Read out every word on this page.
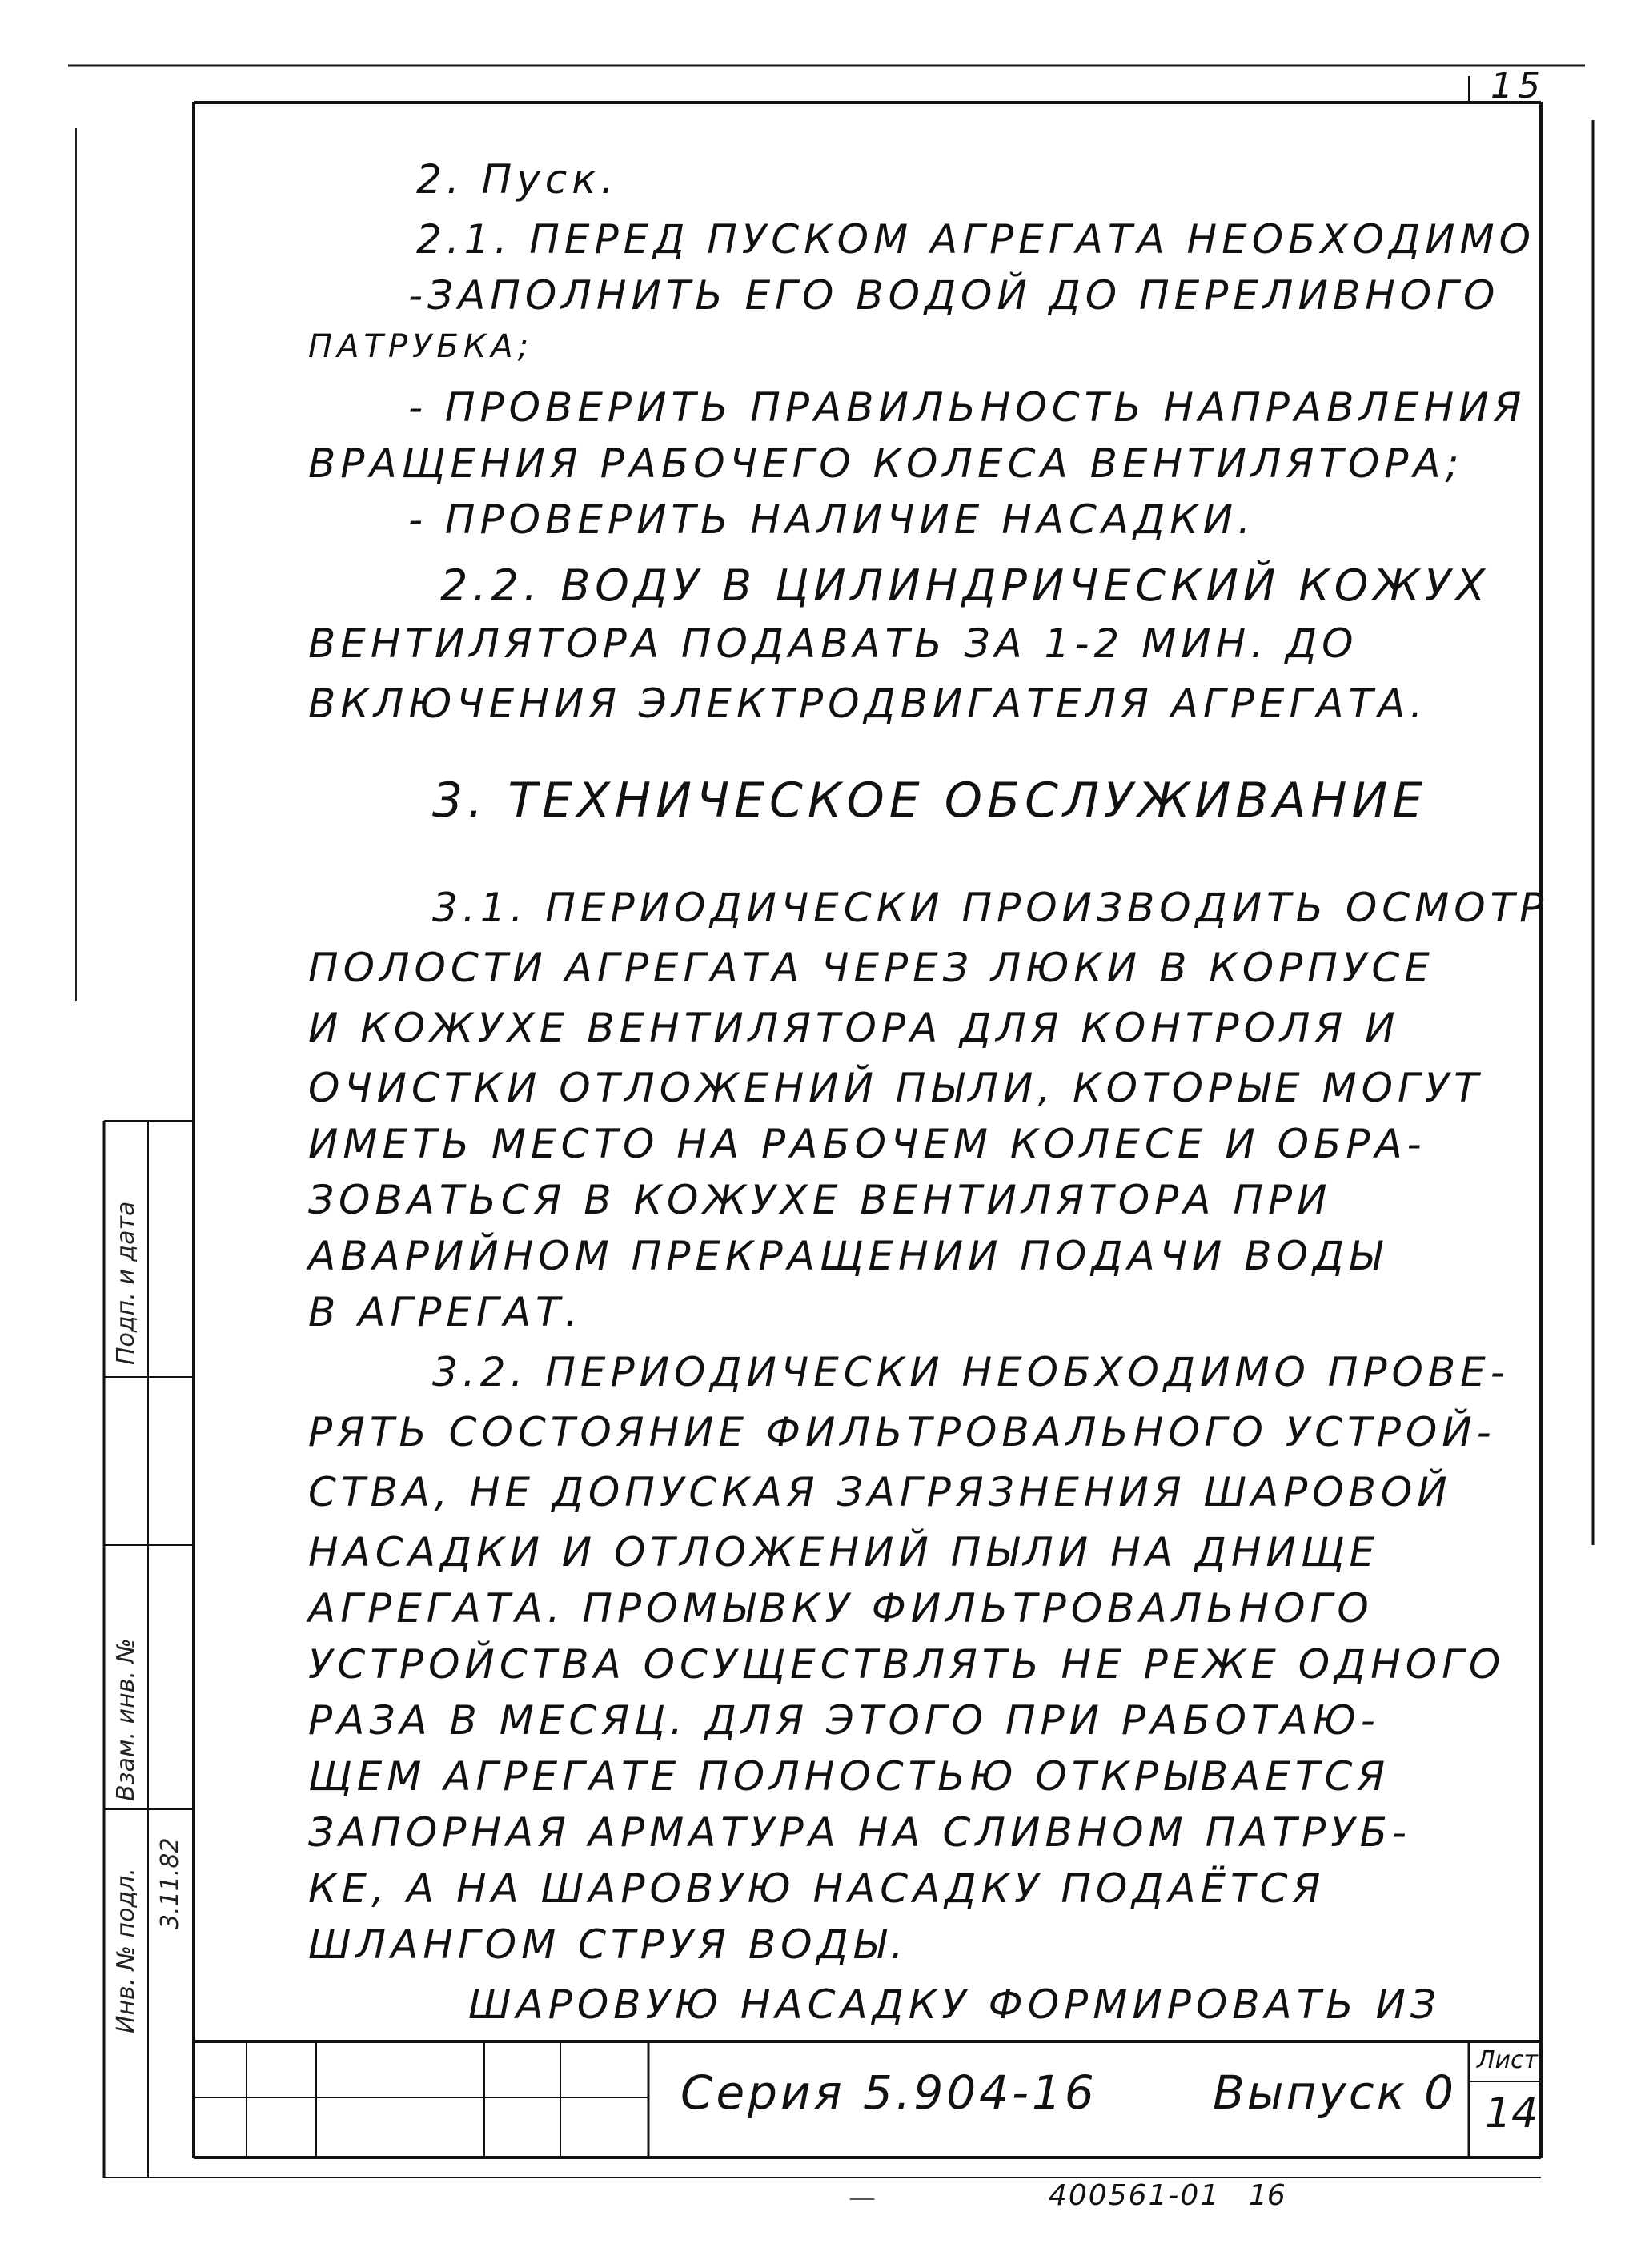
15
2. Пуск.
2.1. ПЕРЕД ПУСКОМ АГРЕГАТА НЕОБХОДИМО
-ЗАПОЛНИТЬ ЕГО ВОДОЙ ДО ПЕРЕЛИВНОГО
ПАТРУБКА;
- ПРОВЕРИТЬ ПРАВИЛЬНОСТЬ НАПРАВЛЕНИЯ
ВРАЩЕНИЯ РАБОЧЕГО КОЛЕСА ВЕНТИЛЯТОРА;
- ПРОВЕРИТЬ НАЛИЧИЕ НАСАДКИ.
2.2. ВОДУ В ЦИЛИНДРИЧЕСКИЙ КОЖУХ
ВЕНТИЛЯТОРА ПОДАВАТЬ ЗА 1-2 МИН. ДО
ВКЛЮЧЕНИЯ ЭЛЕКТРОДВИГАТЕЛЯ АГРЕГАТА.
3. ТЕХНИЧЕСКОЕ ОБСЛУЖИВАНИЕ
3.1. ПЕРИОДИЧЕСКИ ПРОИЗВОДИТЬ ОСМОТР
ПОЛОСТИ АГРЕГАТА ЧЕРЕЗ ЛЮКИ В КОРПУСЕ
И КОЖУХЕ ВЕНТИЛЯТОРА ДЛЯ КОНТРОЛЯ И
ОЧИСТКИ ОТЛОЖЕНИЙ ПЫЛИ, КОТОРЫЕ МОГУТ
ИМЕТЬ МЕСТО НА РАБОЧЕМ КОЛЕСЕ И ОБРА-
ЗОВАТЬСЯ В КОЖУХЕ ВЕНТИЛЯТОРА ПРИ
АВАРИЙНОМ ПРЕКРАЩЕНИИ ПОДАЧИ ВОДЫ
В АГРЕГАТ.
3.2. ПЕРИОДИЧЕСКИ НЕОБХОДИМО ПРОВЕ-
РЯТЬ СОСТОЯНИЕ ФИЛЬТРОВАЛЬНОГО УСТРОЙ-
СТВА, НЕ ДОПУСКАЯ ЗАГРЯЗНЕНИЯ ШАРОВОЙ
НАСАДКИ И ОТЛОЖЕНИЙ ПЫЛИ НА ДНИЩЕ
АГРЕГАТА. ПРОМЫВКУ ФИЛЬТРОВАЛЬНОГО
УСТРОЙСТВА ОСУЩЕСТВЛЯТЬ НЕ РЕЖЕ ОДНОГО
РАЗА В МЕСЯЦ. ДЛЯ ЭТОГО ПРИ РАБОТАЮ-
ЩЕМ АГРЕГАТЕ ПОЛНОСТЬЮ ОТКРЫВАЕТСЯ
ЗАПОРНАЯ АРМАТУРА НА СЛИВНОМ ПАТРУБ-
КЕ, А НА ШАРОВУЮ НАСАДКУ ПОДАЁТСЯ
ШЛАНГОМ СТРУЯ ВОДЫ.
ШАРОВУЮ НАСАДКУ ФОРМИРОВАТЬ ИЗ
Серия 5.904-16 Выпуск 0
Лист
14
—	400561-01 16
Подп. и дата
Взам. инв. №
Инв. № подл. 3.11.82
